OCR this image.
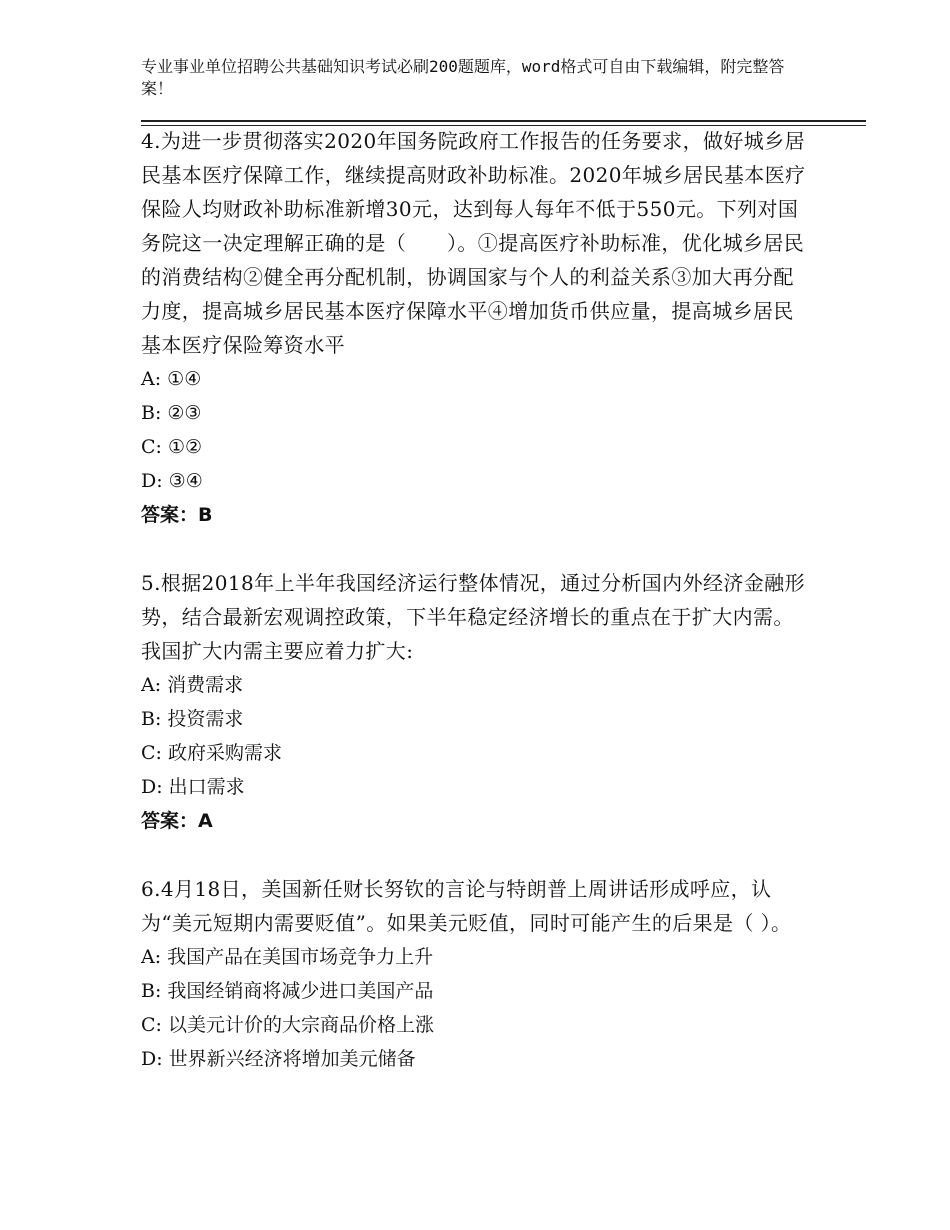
专业事业单位招聘公共基础知识考试必刷200题题库，word格式可自由下载编辑，附完整答案！

4.为进一步贯彻落实2020年国务院政府工作报告的任务要求，做好城乡居民基本医疗保障工作，继续提高财政补助标准。2020年城乡居民基本医疗保险人均财政补助标准新增30元，达到每人每年不低于550元。下列对国务院这一决定理解正确的是（　　）。①提高医疗补助标准，优化城乡居民的消费结构②健全再分配机制，协调国家与个人的利益关系③加大再分配力度，提高城乡居民基本医疗保障水平④增加货币供应量，提高城乡居民基本医疗保险筹资水平

A: ①④

B: ②③

C: ①②

D: ③④

答案：B

5.根据2018年上半年我国经济运行整体情况，通过分析国内外经济金融形势，结合最新宏观调控政策，下半年稳定经济增长的重点在于扩大内需。我国扩大内需主要应着力扩大:

A: 消费需求

B: 投资需求

C: 政府采购需求

D: 出口需求

答案：A

6.4月18日，美国新任财长努钦的言论与特朗普上周讲话形成呼应，认为“美元短期内需要贬值”。如果美元贬值，同时可能产生的后果是（ ）。

A: 我国产品在美国市场竞争力上升

B: 我国经销商将减少进口美国产品

C: 以美元计价的大宗商品价格上涨

D: 世界新兴经济将增加美元储备
